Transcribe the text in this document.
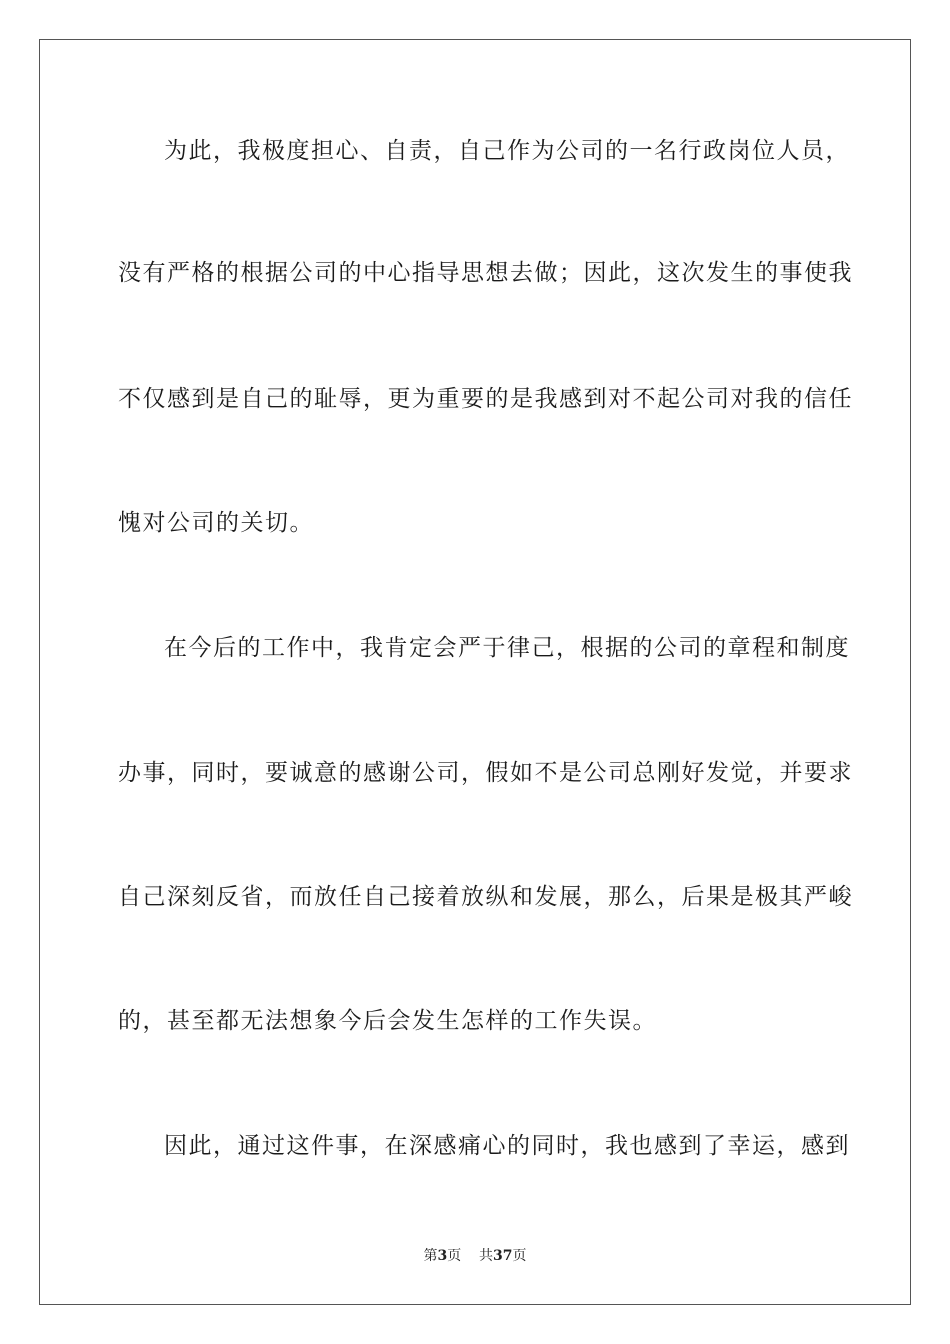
为此，我极度担心、自责，自己作为公司的一名行政岗位人员，
没有严格的根据公司的中心指导思想去做；因此，这次发生的事使我
不仅感到是自己的耻辱，更为重要的是我感到对不起公司对我的信任
愧对公司的关切。
在今后的工作中，我肯定会严于律己，根据的公司的章程和制度
办事，同时，要诚意的感谢公司，假如不是公司总刚好发觉，并要求
自己深刻反省，而放任自己接着放纵和发展，那么，后果是极其严峻
的，甚至都无法想象今后会发生怎样的工作失误。
因此，通过这件事，在深感痛心的同时，我也感到了幸运，感到
第3页 共37页
